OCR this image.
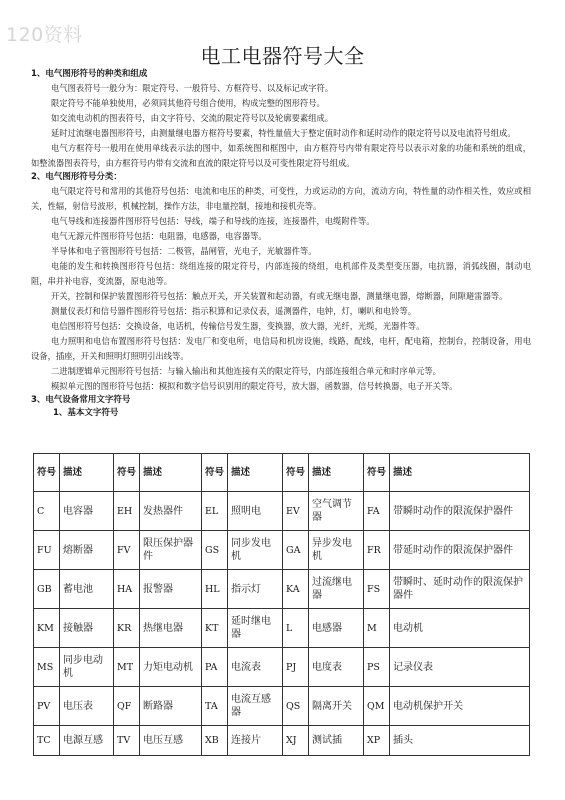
120资料
电工电器符号大全
1、电气图形符号的种类和组成
电气图表符号一般分为：限定符号、一般符号、方框符号、以及标记或字符。
限定符号不能单独使用，必须同其他符号组合使用，构成完整的图形符号。
如交流电动机的图表符号，由文字符号、交流的限定符号以及轮廓要素组成。
延时过流继电器图形符号，由测量继电器方框符号要素，特性量值大于整定值时动作和延时动作的限定符号以及电流符号组成。
电气方框符号一般用在使用单线表示法的图中，如系统图和框图中，由方框符号内带有限定符号以表示对象的功能和系统的组成，如整流器图表符号，由方框符号内带有交流和直流的限定符号以及可变性限定符号组成。
2、电气图形符号分类：
电气限定符号和常用的其他符号包括：电流和电压的种类，可变性，力或运动的方向，流动方向，特性量的动作相关性，效应或相关，性辐，射信号波形，机械控制，操作方法，非电量控制，接地和接机壳等。
电气导线和连接器件图形符号包括：导线，端子和导线的连接，连接器件，电缆附件等。
电气无源元件图形符号包括：电阻器，电感器，电容器等。
半导体和电子管图形符号包括：二极管，晶闸管，光电子，光敏器件等。
电能的发生和转换图形符号包括：绕组连接的限定符号，内部连接的绕组，电机部件及类型变压器，电抗器，消弧线圈，制动电阻，串并补电容，变流器，原电池等。
开关，控制和保护装置图形符号包括：触点开关，开关装置和起动器，有或无继电器，测量继电器，熔断器，间隙避雷器等。
测量仪表灯和信号器件图形符号包括：指示积算和记录仪表，遥测器件，电钟，灯，喇叭和电铃等。
电信图形符号包括：交换设备，电话机，传输信号发生器，变换器，放大器，光纤，光缆，光器件等。
电力照明和电信布置图形符号包括：发电厂和变电所，电信局和机房设施，线路，配线，电杆，配电箱，控制台，控制设备，用电设备，插座，开关和照明灯照明引出线等。
二进制逻辑单元图形符号包括：与输入输出和其他连接有关的限定符号，内部连接组合单元和时序单元等。
模拟单元图的图形符号包括：模拟和数字信号识别用的限定符号，放大器，函数器，信号转换器，电子开关等。
3、电气设备常用文字符号
1、基本文字符号
符号	描述	符号	描述	符号	描述	符号	描述	符号	描述
C	电容器	EH	发热器件	EL	照明电	EV	空气调节器	FA	带瞬时动作的限流保护器件
FU	熔断器	FV	限压保护器件	GS	同步发电机	GA	异步发电机	FR	带延时动作的限流保护器件
GB	蓄电池	HA	报警器	HL	指示灯	KA	过流继电器	FS	带瞬时、延时动作的限流保护器件
KM	接触器	KR	热继电器	KT	延时继电器	L	电感器	M	电动机
MS	同步电动机	MT	力矩电动机	PA	电流表	PJ	电度表	PS	记录仪表
PV	电压表	QF	断路器	TA	电流互感器	QS	隔离开关	QM	电动机保护开关
TC	电源互感	TV	电压互感	XB	连接片	XJ	测试插	XP	插头
